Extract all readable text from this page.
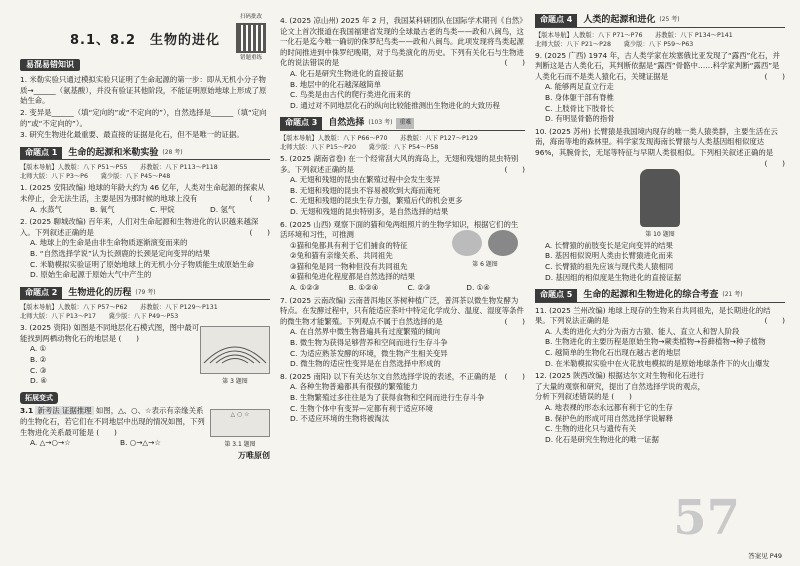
扫码批改
错题重练
8.1、8.2　生物的进化
易混易错知识
1. 米勒实验只通过模拟实验只证明了生命起源的第一步：即从无机小分子物质→______（氨基酸），并没有验证其他阶段，不能证明原始地球上形成了原始生命。
2. 变异是______（填“定向的”或“不定向的”），自然选择是______（填“定向的”或“不定向的”）。
3. 研究生物进化最重要、最直接的证据是化石，但不是唯一的证据。
命题点 1	生命的起源和米勒实验 (28 考)
【版本导航】人教版：八下 P51～P55　　苏教版：八下 P113～P118
北师大版：八下 P3～P6　　冀少版：八下 P45～P48
1. (2025 安阳改编) 地球的年龄大约为 46 亿年，人类对生命起源的探索从未停止，会无法生活，主要是因为那时候的地球上没有	(　　)
A. 水蒸气	B. 氧气	C. 甲烷	D. 氢气
2. (2025 聊城改编) 百年来，人们对生命起源和生物进化的认识越来越深入。下列叙述正确的是	(　　)
A. 地球上的生命是由非生命物质逐渐演变而来的
B. “自然选择学说”认为长颈鹿的长颈是定向变异的结果
C. 米勒模拟实验证明了原始地球上的无机小分子物质能生成原始生命
D. 原始生命起源于原始大气中产生的
命题点 2	生物进化的历程 (79 考)
【版本导航】人教版：八下 P57～P62　　苏教版：八下 P129～P131
北师大版：八下 P13～P17　　冀少版：八下 P49～P53
第 3 题图
3. (2025 资阳) 如图是不同地层化石模式图，图中最可能找到两栖动物化石的地层是 (　　)
A. ①
B. ②
C. ③
D. ④
拓展变式
△ ○ ☆
第 3.1 题图
3.1 新考法 证据推理 如图，△、○、☆表示有亲缘关系的生物化石，若它们在不同地层中出现的情况如图，下列生物进化关系最可能是 (　　)
A. △→○→☆	B. ○→△→☆
万唯原创
4. (2025 凉山州) 2025 年 2 月，我国某科研团队在国际学术期刊《自然》论文上首次报道在我国福建省发现的全球最古老的鸟类——政和八闽鸟，这一化石是迄今唯一确切的侏罗纪鸟类——政和八闽鸟。此项发现将鸟类起源的时间推进到中侏罗纪晚期，对于鸟类演化的历史。下列有关化石与生物进化的说法错误的是	(　　)
A. 化石是研究生物进化的直接证据
B. 地层中的化石越深越简单
C. 鸟类是由古代的爬行类进化而来的
D. 通过对不同地层化石的纵向比较能推测出生物进化的大致历程
命题点 3	自然选择 (103 考)	重难
【版本导航】人教版：八下 P66～P70　　苏教版：八下 P127～P129
北师大版：八下 P15～P20　　冀少版：八下 P54～P58
5. (2025 湖南省卷) 在一个经常刮大风的海岛上，无翅和残翅的昆虫特别多。下列叙述正确的是	(　　)
A. 无翅和残翅的昆虫在繁殖过程中会发生变异
B. 无翅和残翅的昆虫不容易被吹到大海而淹死
C. 无翅和残翅的昆虫生存力强，繁殖后代的机会更多
D. 无翅和残翅的昆虫特别多，是自然选择的结果
6. (2025 山西) 观察下面的猫和兔两组照片的生物学知识，根据它们的生活环境和习性，可推测
第 6 题图
①猫和兔都具有利于它们捕食的特征
②兔和猫有亲缘关系、共同祖先
③猫和兔是同一物种但没有共同祖先
④猫和兔进化程度都是自然选择的结果
A. ①②③	B. ①②④	C. ②③	D. ①④
7. (2025 云南改编) 云南普洱地区茶树种植广泛，普洱茶以微生物发酵为特点。在发酵过程中，只有能适应茶叶中特定化学成分、温度、湿度等条件的微生物才能繁殖。下列观点不属于自然选择的是	(　　)
A. 在自然界中微生物普遍具有过度繁殖的倾向
B. 微生物为获得足够营养和空间而进行生存斗争
C. 为适应熟茶发酵的环境，微生物产生相关变异
D. 微生物的适应性变异是在自然选择中形成的
8. (2025 南阳) 以下有关达尔文自然选择学说的表述，不正确的是 (　　)
A. 各种生物普遍都具有很强的繁殖能力
B. 生物繁殖过多往往是为了获得食物和空间而进行生存斗争
C. 生物个体中有变异—定都有利于适应环境
D. 不适应环境的生物将被淘汰
命题点 4	人类的起源和进化 (25 考)
【版本导航】人教版：八下 P71～P76　　苏教版：八下 P134～P141
北师大版：八下 P21～P28　　冀少版：八下 P59～P63
9. (2025 广西) 1974 年，古人类学家在埃塞俄比亚发现了“露西”化石，并判断这是古人类化石，其判断依据是“露西”骨骼中……科学家判断“露西”是人类化石而不是类人猿化石，关键证据是	(　　)
A. 能够两足直立行走
B. 身体躯干部有脊椎
C. 上肢骨比下肢骨长
D. 有明显骨骼的指骨
10. (2025 苏州) 长臂猿是我国境内现存的唯一类人猿类群，主要生活在云南，海南等地的森林里。科学家发现海南长臂猿与人类基因组相似度达 96%，其腕骨长，无尾等特征与早期人类很相似。下列相关叙述正确的是
(　　)
第 10 题图
A. 长臂猿的前肢变长是定向变异的结果
B. 基因相似说明人类由长臂猿进化而来
C. 长臂猿的祖先应该与现代类人猿相同
D. 基因组的相似度是生物进化的直接证据
命题点 5	生命的起源和生物进化的综合考查 (21 考)
11. (2025 兰州改编) 地球上现存的生物来自共同祖先，是长期进化的结果。下列说法正确的是	(　　)
A. 人类的进化大约分为南方古猿、能人、直立人和智人阶段
B. 生物进化的主要历程是原始生物→蕨类植物→苔藓植物→种子植物
C. 越简单的生物化石出现在越古老的地层
D. 在米勒模拟实验中在火花放电模拟的是原始地球条件下的火山爆发
12. (2025 陕西改编) 根据达尔文对生物和化石进行了大量的观察和研究，提出了自然选择学说的观点，分析下列叙述错误的是 (　　)
A. 地表裸的形态永远都有利于它的生存
B. 保护色的形成可用自然选择学说解释
C. 生物的进化只与遗传有关
D. 化石是研究生物进化的唯一证据
57
答案见 P49
